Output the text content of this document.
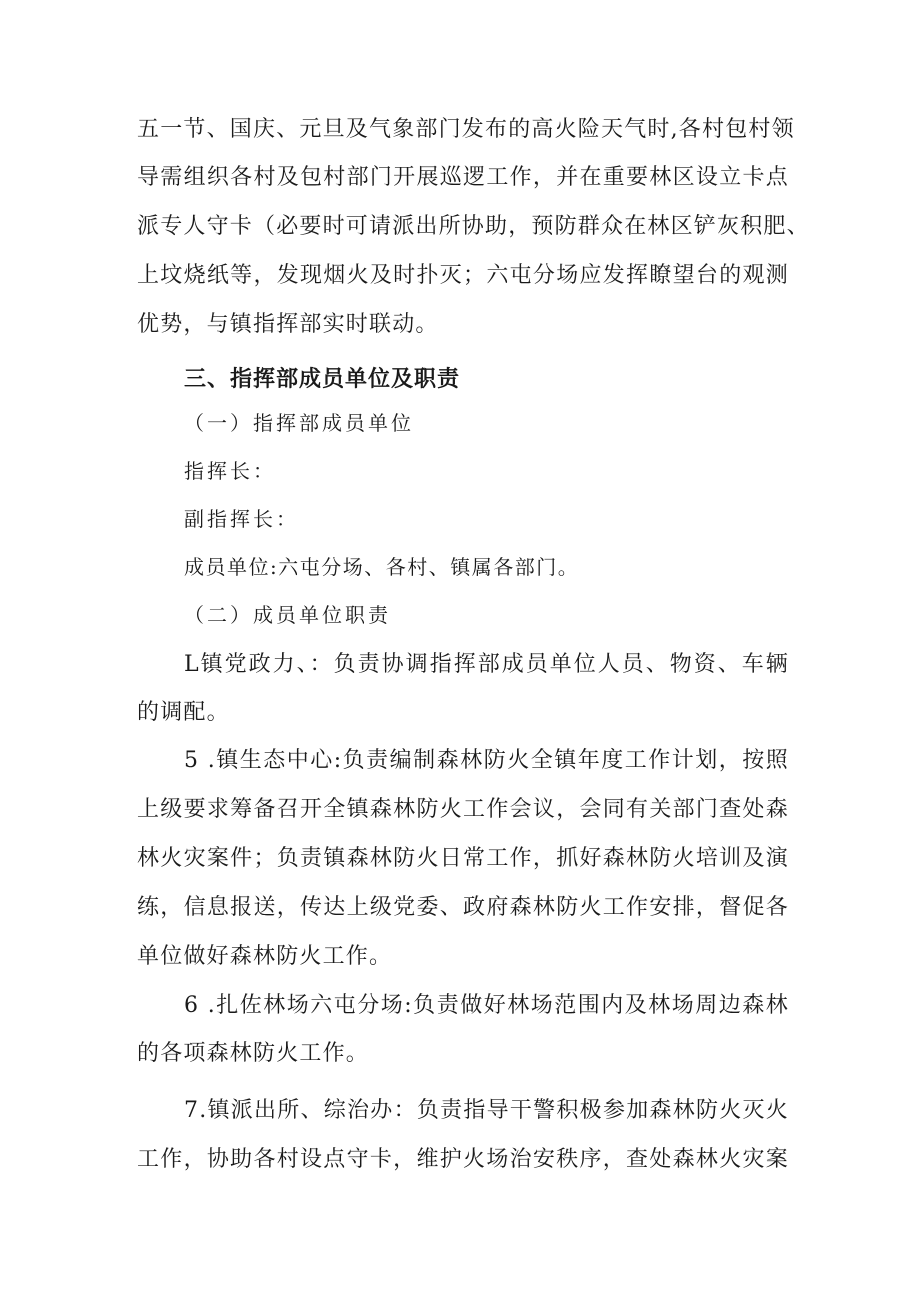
五一节、国庆、元旦及气象部门发布的高火险天气时,各村包村领
导需组织各村及包村部门开展巡逻工作，并在重要林区设立卡点
派专人守卡（必要时可请派出所协助，预防群众在林区铲灰积肥、
上坟烧纸等，发现烟火及时扑灭；六屯分场应发挥瞭望台的观测
优势，与镇指挥部实时联动。
三、指挥部成员单位及职责
（一）指挥部成员单位
指挥长：
副指挥长：
成员单位:六屯分场、各村、镇属各部门。
（二）成员单位职责
L镇党政力、：负责协调指挥部成员单位人员、物资、车辆
的调配。
5 .镇生态中心:负责编制森林防火全镇年度工作计划，按照
上级要求筹备召开全镇森林防火工作会议，会同有关部门查处森
林火灾案件；负责镇森林防火日常工作，抓好森林防火培训及演
练，信息报送，传达上级党委、政府森林防火工作安排，督促各
单位做好森林防火工作。
6 .扎佐林场六屯分场:负责做好林场范围内及林场周边森林
的各项森林防火工作。
7.镇派出所、综治办：负责指导干警积极参加森林防火灭火
工作，协助各村设点守卡，维护火场治安秩序，查处森林火灾案
